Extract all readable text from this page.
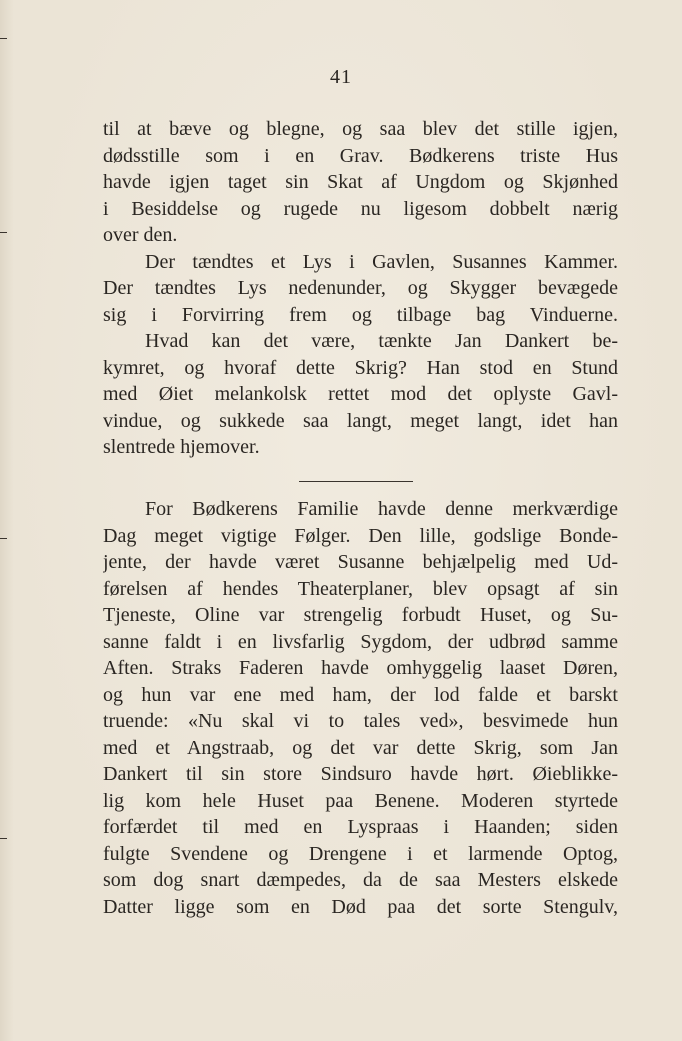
41
til at bæve og blegne, og saa blev det stille igjen,
dødsstille som i en Grav. Bødkerens triste Hus
havde igjen taget sin Skat af Ungdom og Skjønhed
i Besiddelse og rugede nu ligesom dobbelt nærig
over den.
Der tændtes et Lys i Gavlen, Susannes Kammer.
Der tændtes Lys nedenunder, og Skygger bevægede
sig i Forvirring frem og tilbage bag Vinduerne.
Hvad kan det være, tænkte Jan Dankert be-
kymret, og hvoraf dette Skrig? Han stod en Stund
med Øiet melankolsk rettet mod det oplyste Gavl-
vindue, og sukkede saa langt, meget langt, idet han
slentrede hjemover.
For Bødkerens Familie havde denne merkværdige
Dag meget vigtige Følger. Den lille, godslige Bonde-
jente, der havde været Susanne behjælpelig med Ud-
førelsen af hendes Theaterplaner, blev opsagt af sin
Tjeneste, Oline var strengelig forbudt Huset, og Su-
sanne faldt i en livsfarlig Sygdom, der udbrød samme
Aften. Straks Faderen havde omhyggelig laaset Døren,
og hun var ene med ham, der lod falde et barskt
truende: «Nu skal vi to tales ved», besvimede hun
med et Angstraab, og det var dette Skrig, som Jan
Dankert til sin store Sindsuro havde hørt. Øieblikke-
lig kom hele Huset paa Benene. Moderen styrtede
forfærdet til med en Lyspraas i Haanden; siden
fulgte Svendene og Drengene i et larmende Optog,
som dog snart dæmpedes, da de saa Mesters elskede
Datter ligge som en Død paa det sorte Stengulv,
